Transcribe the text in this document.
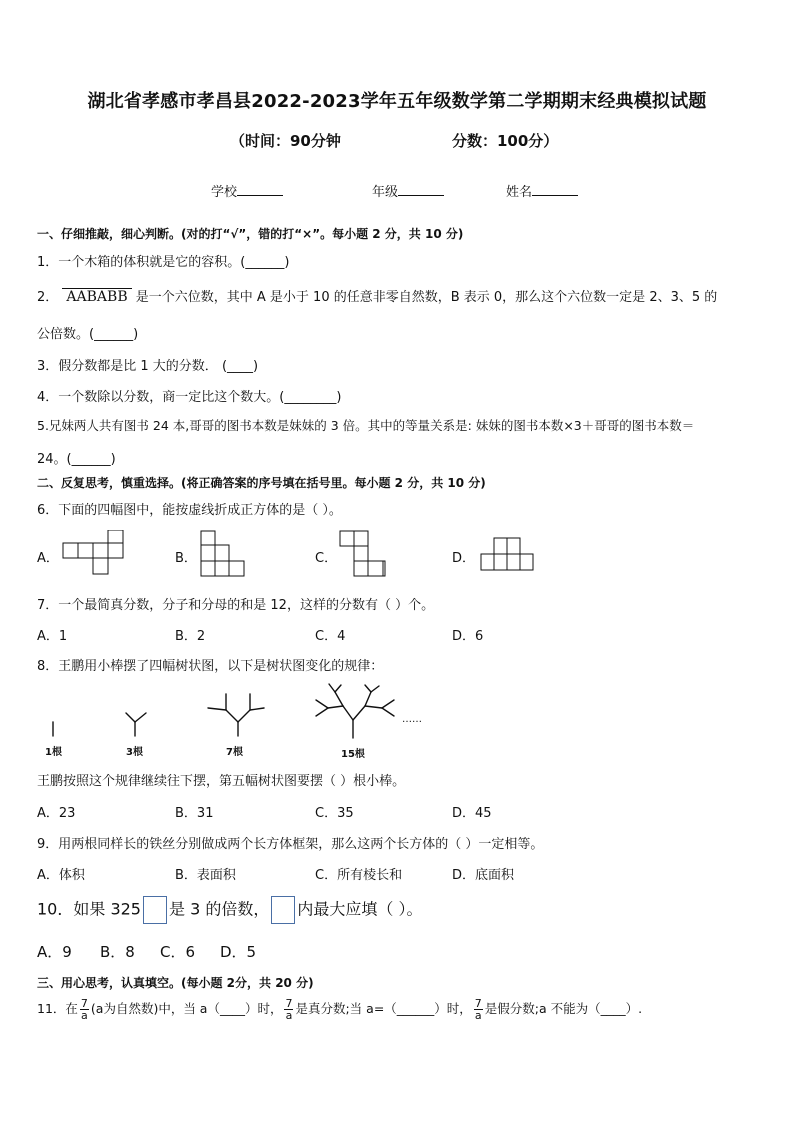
湖北省孝感市孝昌县2022-2023学年五年级数学第二学期期末经典模拟试题
（时间：90分钟	分数：100分）
学校	年级	姓名
一、仔细推敲，细心判断。(对的打“√”，错的打“×”。每小题 2 分，共 10 分)
1．一个木箱的体积就是它的容积。(______)
2． AABABB 是一个六位数，其中 A 是小于 10 的任意非零自然数，B 表示 0，那么这个六位数一定是 2、3、5 的
公倍数。(______)
3．假分数都是比 1 大的分数． (____)
4．一个数除以分数，商一定比这个数大。(________)
5.兄妹两人共有图书 24 本,哥哥的图书本数是妹妹的 3 倍。其中的等量关系是: 妹妹的图书本数×3＋哥哥的图书本数＝
24。(______)
二、反复思考，慎重选择。(将正确答案的序号填在括号里。每小题 2 分，共 10 分)
6．下面的四幅图中，能按虚线折成正方体的是（ ）。
A．	B．	C．	D．
7．一个最简真分数，分子和分母的和是 12，这样的分数有（ ）个。
A．1	B．2	C．4	D．6
8．王鹏用小棒摆了四幅树状图，以下是树状图变化的规律：
1根	3根	7根	15根
……
王鹏按照这个规律继续往下摆，第五幅树状图要摆（ ）根小棒。
A．23	B．31	C．35	D．45
9．用两根同样长的铁丝分别做成两个长方体框架，那么这两个长方体的（ ）一定相等。
A．体积	B．表面积	C．所有棱长和	D．底面积
10．如果 325 是 3 的倍数， 内最大应填（ ）。
A．9 B．8 C．6 D．5
三、用心思考，认真填空。(每小题 2分，共 20 分)
11．在 $\frac{7}{a} (a$为自然数)中，当 a（____）时， $\frac{7}{a}$ 是真分数;当 a=（______）时， $\frac{7}{a}$ 是假分数;a 不能为（____）.
